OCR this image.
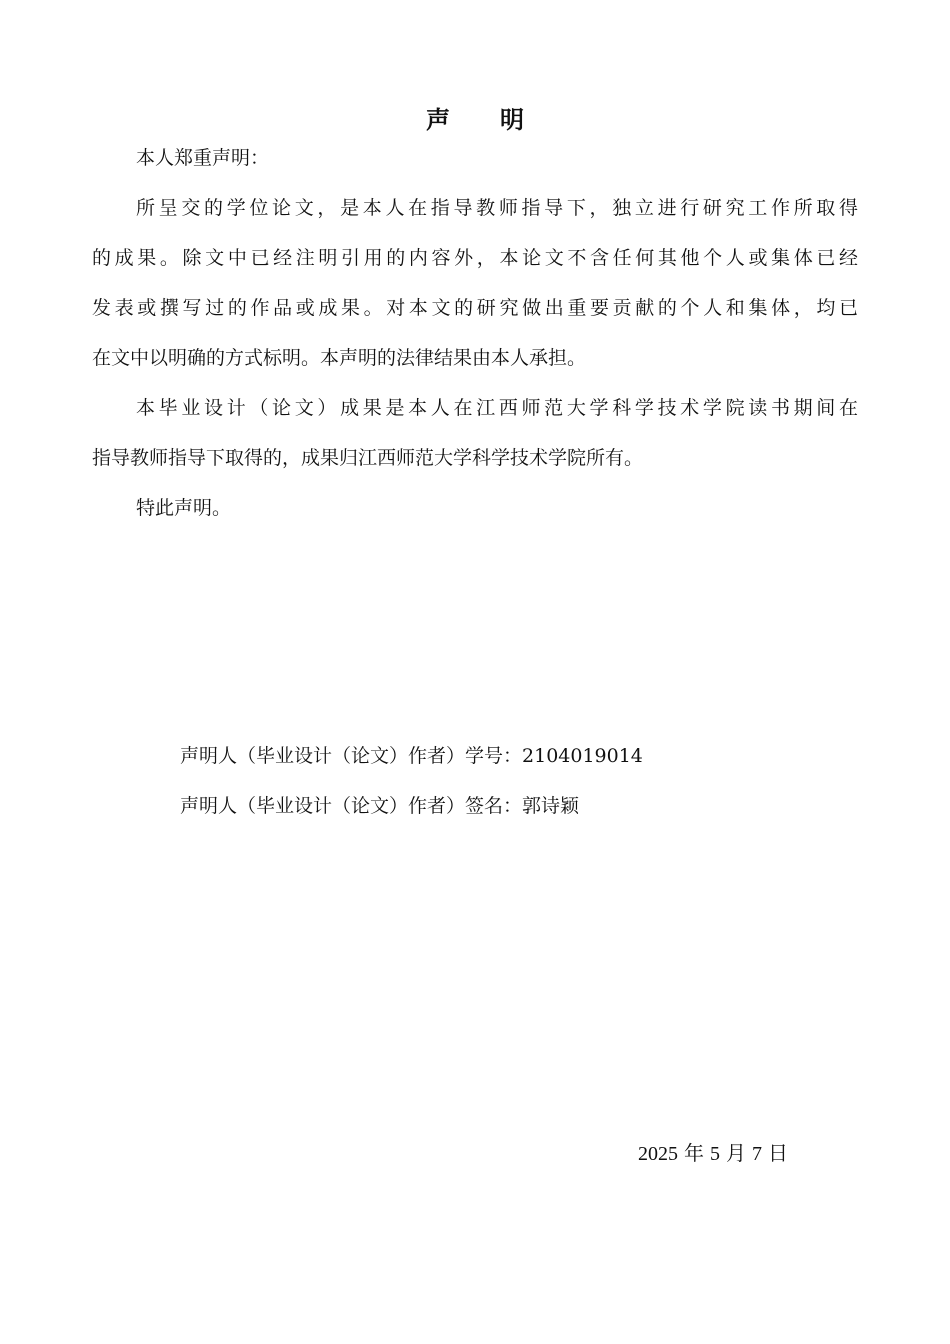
声明
本人郑重声明：
所呈交的学位论文，是本人在指导教师指导下，独立进行研究工作所取得
的成果。除文中已经注明引用的内容外，本论文不含任何其他个人或集体已经
发表或撰写过的作品或成果。对本文的研究做出重要贡献的个人和集体，均已
在文中以明确的方式标明。本声明的法律结果由本人承担。
本毕业设计（论文）成果是本人在江西师范大学科学技术学院读书期间在
指导教师指导下取得的，成果归江西师范大学科学技术学院所有。
特此声明。
声明人（毕业设计（论文）作者）学号：2104019014
声明人（毕业设计（论文）作者）签名：郭诗颖
2025 年 5 月 7 日
